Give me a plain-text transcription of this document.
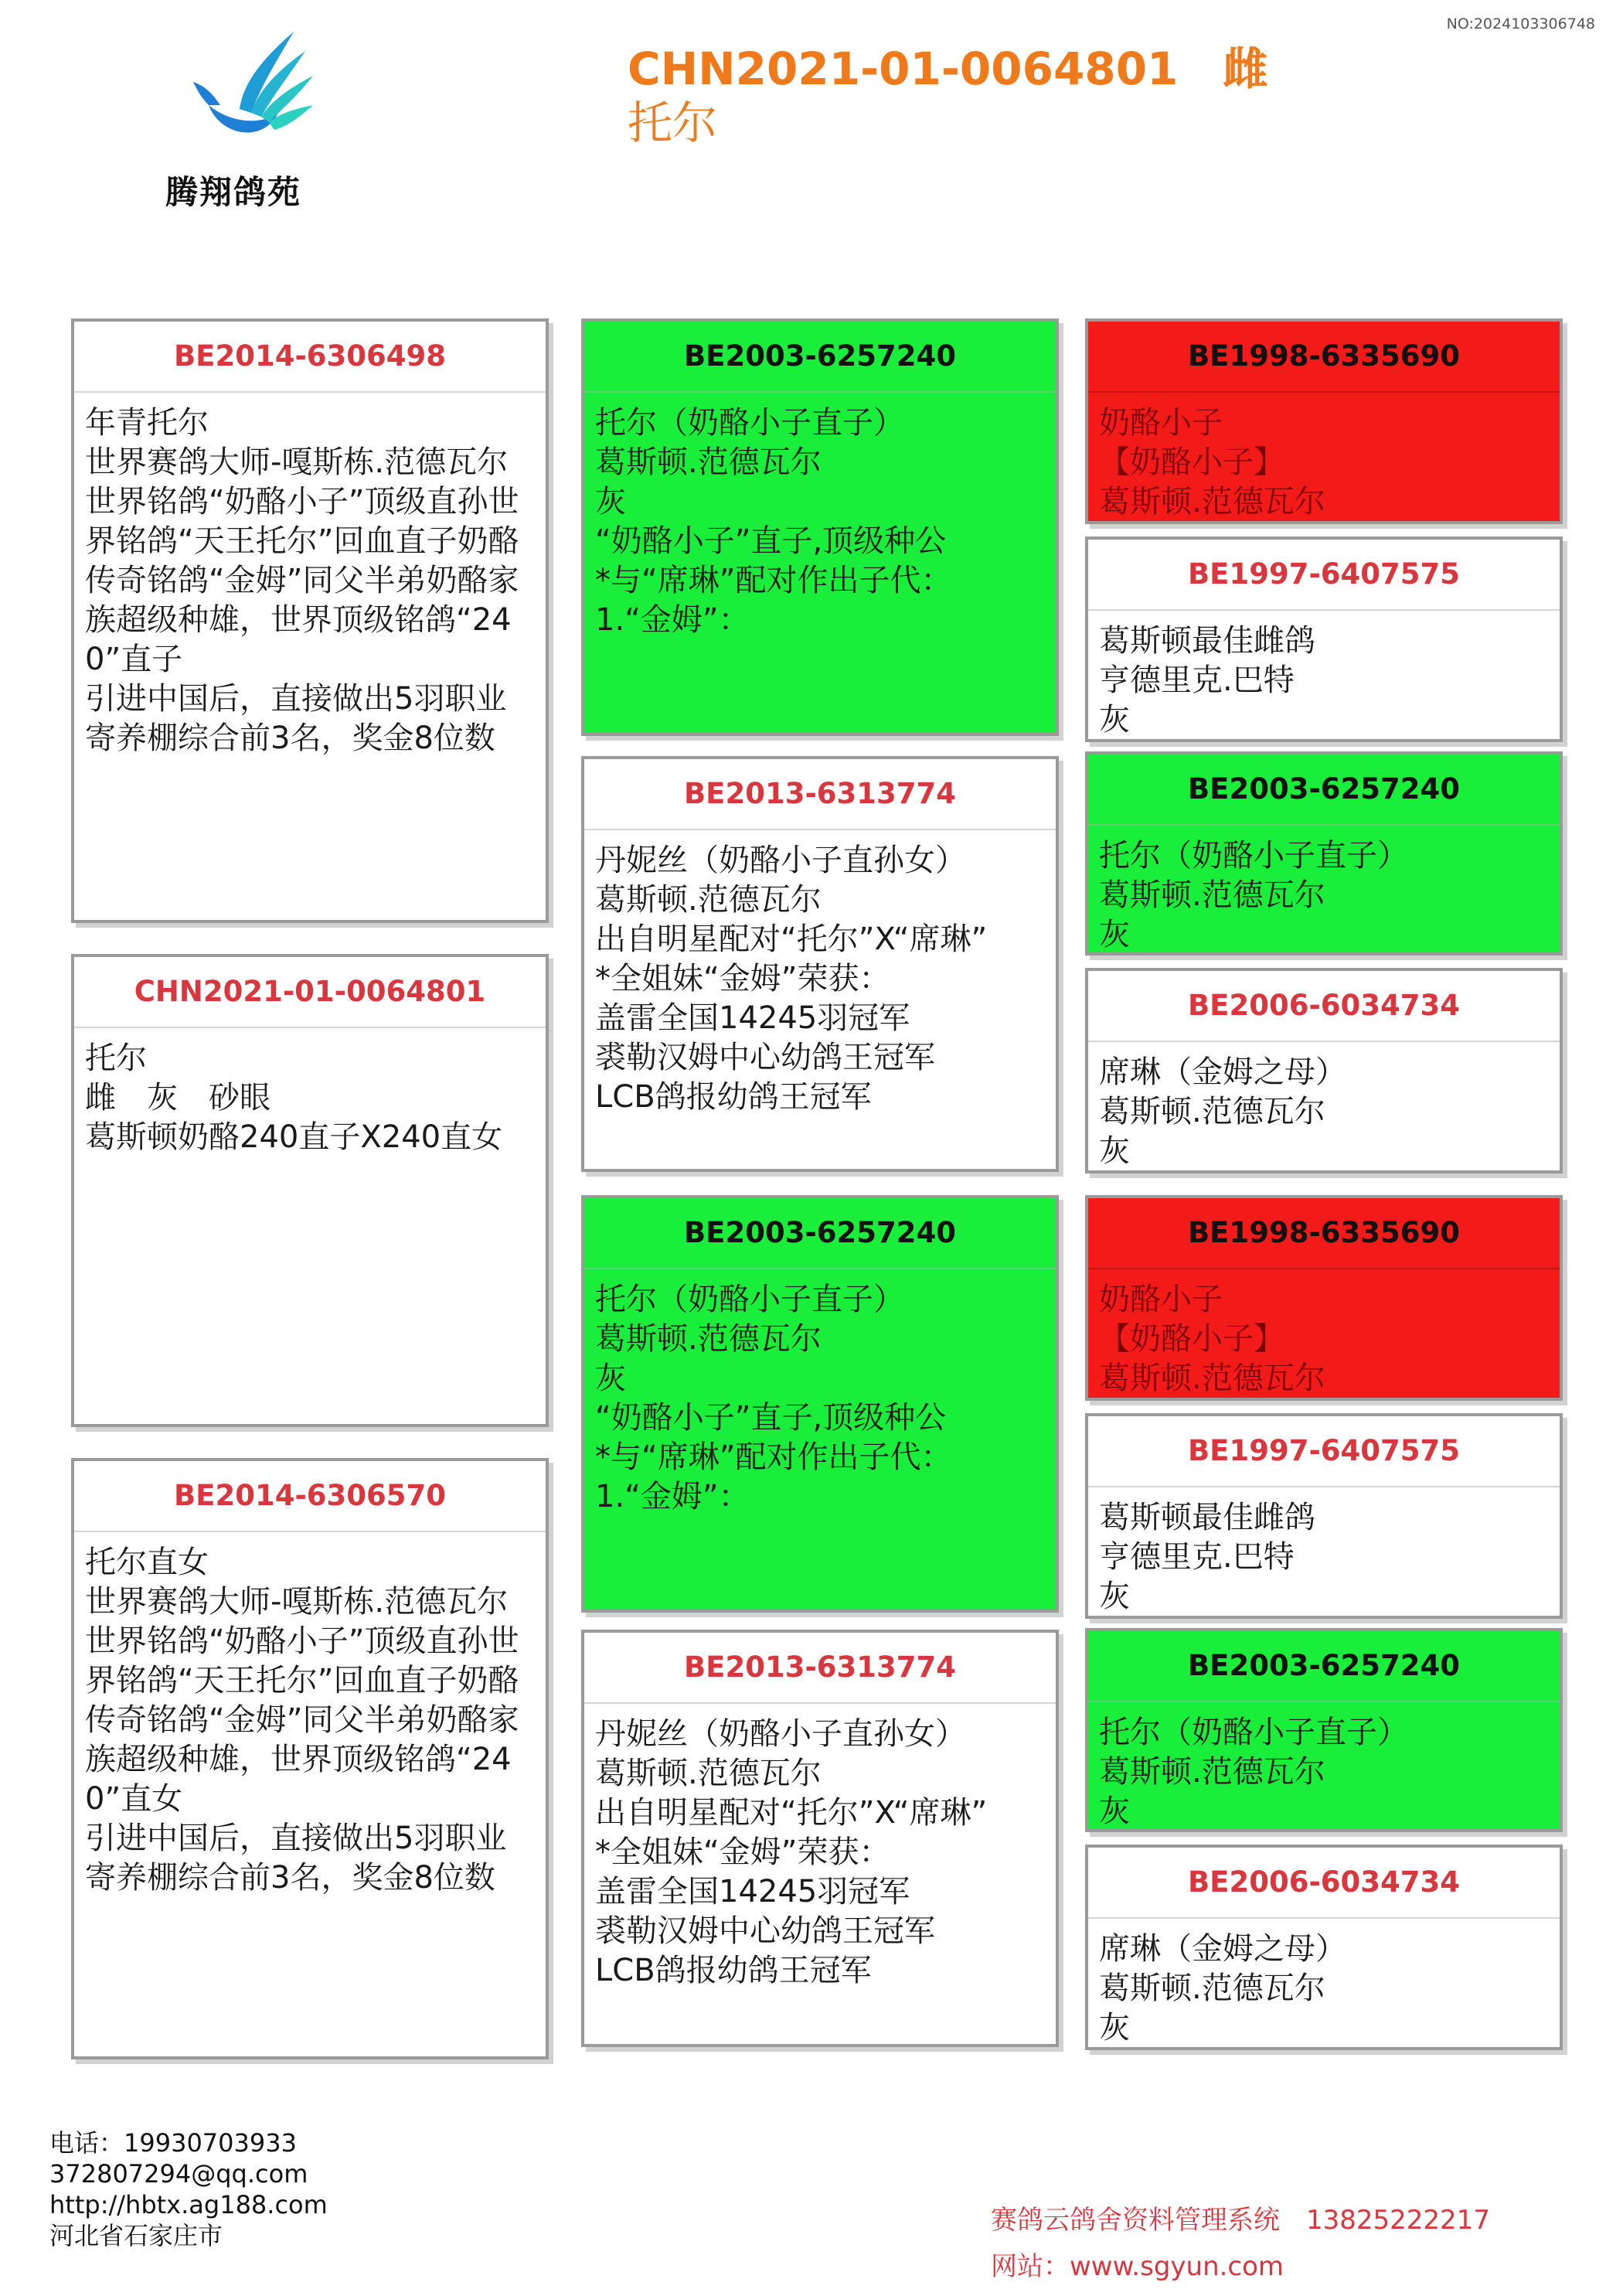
NO:2024103306748
腾翔鸽苑
CHN2021-01-0064801　雌
托尔
BE2014-6306498
年青托尔
世界赛鸽大师-嘎斯栋.范德瓦尔
世界铭鸽“奶酪小子”顶级直孙世界铭鸽“天王托尔”回血直子奶酪传奇铭鸽“金姆”同父半弟奶酪家族超级种雄，世界顶级铭鸽“240”直子
引进中国后，直接做出5羽职业寄养棚综合前3名，奖金8位数
CHN2021-01-0064801
托尔
雌　灰　砂眼
葛斯顿奶酪240直子X240直女
BE2014-6306570
托尔直女
世界赛鸽大师-嘎斯栋.范德瓦尔
世界铭鸽“奶酪小子”顶级直孙世界铭鸽“天王托尔”回血直子奶酪传奇铭鸽“金姆”同父半弟奶酪家族超级种雄，世界顶级铭鸽“240”直女
引进中国后，直接做出5羽职业寄养棚综合前3名，奖金8位数
BE2003-6257240
托尔（奶酪小子直子）
葛斯顿.范德瓦尔
灰
“奶酪小子”直子,顶级种公
*与“席琳”配对作出子代：
1.“金姆”：
BE2013-6313774
丹妮丝（奶酪小子直孙女）
葛斯顿.范德瓦尔
出自明星配对“托尔”X“席琳”
*全姐妹“金姆”荣获：
盖雷全国14245羽冠军
裘勒汉姆中心幼鸽王冠军
LCB鸽报幼鸽王冠军
BE2003-6257240
托尔（奶酪小子直子）
葛斯顿.范德瓦尔
灰
“奶酪小子”直子,顶级种公
*与“席琳”配对作出子代：
1.“金姆”：
BE2013-6313774
丹妮丝（奶酪小子直孙女）
葛斯顿.范德瓦尔
出自明星配对“托尔”X“席琳”
*全姐妹“金姆”荣获：
盖雷全国14245羽冠军
裘勒汉姆中心幼鸽王冠军
LCB鸽报幼鸽王冠军
BE1998-6335690
奶酪小子
【奶酪小子】
葛斯顿.范德瓦尔
BE1997-6407575
葛斯顿最佳雌鸽
亨德里克.巴特
灰
BE2003-6257240
托尔（奶酪小子直子）
葛斯顿.范德瓦尔
灰
BE2006-6034734
席琳（金姆之母）
葛斯顿.范德瓦尔
灰
BE1998-6335690
奶酪小子
【奶酪小子】
葛斯顿.范德瓦尔
BE1997-6407575
葛斯顿最佳雌鸽
亨德里克.巴特
灰
BE2003-6257240
托尔（奶酪小子直子）
葛斯顿.范德瓦尔
灰
BE2006-6034734
席琳（金姆之母）
葛斯顿.范德瓦尔
灰
电话：19930703933
372807294@qq.com
http://hbtx.ag188.com
河北省石家庄市	赛鸽云鸽舍资料管理系统　13825222217
网站：www.sgyun.com
